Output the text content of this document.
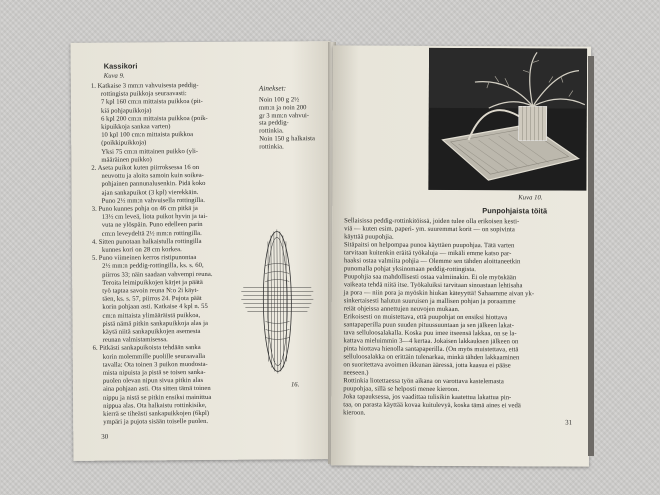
Kassikori
Kuva 9.
1. Katkaise 3 mm:n vahvuisesta peddig-
rottingista puikkoja seuraavasti:
7 kpl 160 cm:n mittaista puikkoa (pit-
kiä pohjapuikkoja)
6 kpl 200 cm:n mittaista puikkoa (poik-
kipuikkoja sankaa varten)
10 kpl 100 cm:n mittaista puikkoa
(poikkipuikkoja)
Yksi 75 cm:n mittainen puikko (yli-
määräinen puikko)
2. Aseta puikot kuten piirroksessa 16 on
neuvottu ja aloita samoin kuin soikea-
pohjainen pannunalusenkin. Pidä koko
ajan sankapuikot (3 kpl) vierekkäin.
Puno 2½ mm:n vahvuisella rottingilla.
3. Puno kunnes pohja on 46 cm pitkä ja
13½ cm leveä, liota puikot hyvin ja tai-
vuta ne ylöspäin. Puno edelleen parin
cm:n leveydeltä 2½ mm:n rottingilla.
4. Sitten punotaan halkaistulla rottingilla
kunnes kori on 28 cm korkea.
5. Puno viimeinen kerros ristipunontaa
2½ mm:n peddig-rottingilla, ks. s. 60,
piirros 33; näin saadaan vahvempi reuna.
Teroita leimipuikkojen kärjet ja päätä
työ taptaa savoin reuna N:o 2i käyt-
täen, ks. s. 57, piirros 24. Pujota päät
korin pohjaan asti. Katkaise 4 kpl n. 55
cm:n mittaista ylimääräistä puikkoa,
pistä nämä pitkin sankapuikkoja alas ja
käytä niitä sankapuikkojen asemesta
reunan valmistamisessa.
6. Pitkästi sankapuikoista tehdään sanka
korin molemmille puolille seuraavalla
tavalla: Ota toinen 3 puikon muodosta-
mista nipuista ja pistä se toisen sanka-
puolen olevan nipun sivua pitkin alas
aina pohjaan asti. Ota sitten tämä toinen
nippu ja nistä se pitkin ensiksi mainittua
nippua alas. Ota halkaistu rottinkisike,
kierrä se tiheästi sankapuikkojen (6kpl)
ympäri ja pujota sisään toiselle puolen.
Ainekset:
Noin 100 g 2½
mm:n ja noin 200
gr 3 mm:n vahvui-
sta peddig-
rottinkia.
Noin 150 g halkaista
rottinkia.
16.
30
Kuva 10.
Punpohjaista töitä
Sellaisissa peddig-rottinkitöissä, joiden tulee olla erikoisen kesti-
viä — kuten esim. paperi- ym. suuremmat korit — on sopivinta
käyttää puupohjia.
Sitäpaitsi on helpompaa punoa käyttäen puupohjaa. Tätä varten
tarvitaan kuitenkin eräitä työkaluja — mikäli emme katso par-
haaksi ostaa valmiita pohjia — Olemme sen tähden aloittaneetkin
punomalla pohjat yksinomaan peddig-rottingista.
Puupohjia saa mahdollisesti ostaa valmiinakin. Ei ole myöskään
vaikeata tehdä niitä itse. Työkaluiksi tarvitaan sinoastaan lehtisaha
ja pora — niin pora ja myöskin hiukan käteyyttä! Sahaamme aivan yk-
sinkertaisesti halutun suuruisen ja mallisen pohjan ja poraamme
reiät ohjeissa annettujen neuvojen mukaan.
Erikoisesti on muistettava, että puupohjat on ensiksi hiottava
santapaperilla puun suuden pituussuuntaan ja sen jälkeen lakat-
tava selluloosalakalla. Koska puu imee itseensä lakkaa, on se la-
kattava mieluimmin 3—4 kertaa. Jokaisen lakkauksen jälkeen on
pinta hiottava hienolla santapaperilla. (On myös muistettava, että
selluloosalakka on erittäin tulenarkaa, minkä tähden lakkaaminen
on suoritettava avoimen ikkunan ääressä, jotta kaasua ei pääse
neeseen.)
Rottinkia liotettaessa työn aikana on varottava kastelemasta
puupohjaa, sillä se helposti menee kieroon.
Joka tapauksessa, jos vaadittaa tulisikin kaatettua lakattua pin-
taa, on parasta käyttää kovaa kuitulevyä, koska tämä aines ei vedä
kieroon.
31
